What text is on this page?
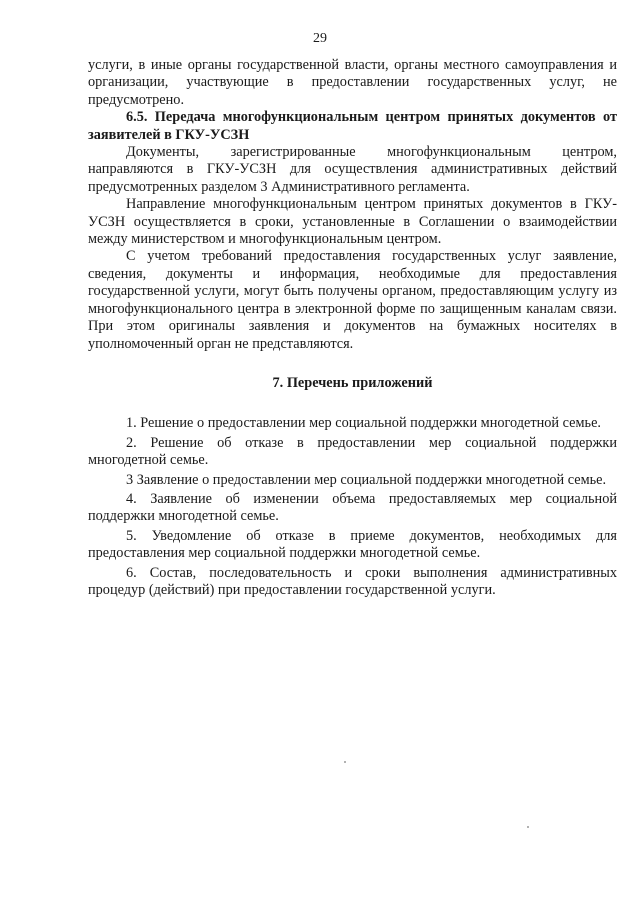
29

услуги, в иные органы государственной власти, органы местного самоуправления и организации, участвующие в предоставлении государственных услуг, не предусмотрено.

6.5. Передача многофункциональным центром принятых документов от заявителей в ГКУ-УСЗН

Документы, зарегистрированные многофункциональным центром, направляются в ГКУ-УСЗН для осуществления административных действий предусмотренных разделом 3 Административного регламента.

Направление многофункциональным центром принятых документов в ГКУ-УСЗН осуществляется в сроки, установленные в Соглашении о взаимодействии между министерством и многофункциональным центром.

С учетом требований предоставления государственных услуг заявление, сведения, документы и информация, необходимые для предоставления государственной услуги, могут быть получены органом, предоставляющим услугу из многофункционального центра в электронной форме по защищенным каналам связи. При этом оригиналы заявления и документов на бумажных носителях в уполномоченный орган не представляются.

7. Перечень приложений

1. Решение о предоставлении мер социальной поддержки многодетной семье.

2. Решение об отказе в предоставлении мер социальной поддержки многодетной семье.

3 Заявление о предоставлении мер социальной поддержки многодетной семье.

4. Заявление об изменении объема предоставляемых мер социальной поддержки многодетной семье.

5. Уведомление об отказе в приеме документов, необходимых для предоставления мер социальной поддержки многодетной семье.

6. Состав, последовательность и сроки выполнения административных процедур (действий) при предоставлении государственной услуги.
